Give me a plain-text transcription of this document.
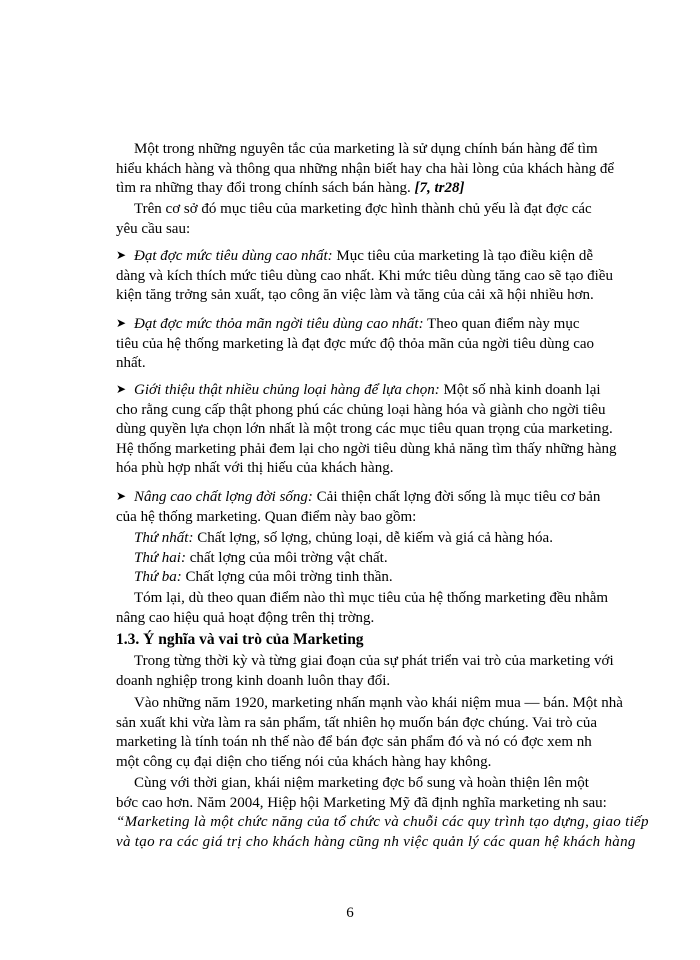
Một trong những nguyên tắc của marketing là sử dụng chính bán hàng để tìm
hiểu khách hàng và thông qua những nhận biết hay cha hài lòng của khách hàng để
tìm ra những thay đổi trong chính sách bán hàng. [7, tr28]
Trên cơ sở đó mục tiêu của marketing đợc hình thành chủ yếu là đạt đợc các
yêu cầu sau:
➤ Đạt đợc mức tiêu dùng cao nhất: Mục tiêu của marketing là tạo điều kiện dễ
dàng và kích thích mức tiêu dùng cao nhất. Khi mức tiêu dùng tăng cao sẽ tạo điều
kiện tăng trởng sản xuất, tạo công ăn việc làm và tăng của cải xã hội nhiều hơn.
➤ Đạt đợc mức thỏa mãn ngời tiêu dùng cao nhất: Theo quan điểm này mục
tiêu của hệ thống marketing là đạt đợc mức độ thỏa mãn của ngời tiêu dùng cao
nhất.
➤ Giới thiệu thật nhiều chủng loại hàng để lựa chọn: Một số nhà kinh doanh lại
cho rằng cung cấp thật phong phú các chủng loại hàng hóa và giành cho ngời tiêu
dùng quyền lựa chọn lớn nhất là một trong các mục tiêu quan trọng của marketing.
Hệ thống marketing phải đem lại cho ngời tiêu dùng khả năng tìm thấy những hàng
hóa phù hợp nhất với thị hiếu của khách hàng.
➤ Nâng cao chất lợng đời sống: Cải thiện chất lợng đời sống là mục tiêu cơ bản
của hệ thống marketing. Quan điểm này bao gồm:
Thứ nhất: Chất lợng, số lợng, chủng loại, dễ kiếm và giá cả hàng hóa.
Thứ hai: chất lợng của môi trờng vật chất.
Thứ ba: Chất lợng của môi trờng tinh thần.
Tóm lại, dù theo quan điểm nào thì mục tiêu của hệ thống marketing đều nhằm
nâng cao hiệu quả hoạt động trên thị trờng.
1.3. Ý nghĩa và vai trò của Marketing
Trong từng thời kỳ và từng giai đoạn của sự phát triển vai trò của marketing với
doanh nghiệp trong kinh doanh luôn thay đổi.
Vào những năm 1920, marketing nhấn mạnh vào khái niệm mua — bán. Một nhà
sản xuất khi vừa làm ra sản phẩm, tất nhiên họ muốn bán đợc chúng. Vai trò của
marketing là tính toán nh thế nào để bán đợc sản phẩm đó và nó có đợc xem nh
một công cụ đại diện cho tiếng nói của khách hàng hay không.
Cùng với thời gian, khái niệm marketing đợc bổ sung và hoàn thiện lên một
bớc cao hơn. Năm 2004, Hiệp hội Marketing Mỹ đã định nghĩa marketing nh sau:
“Marketing là một chức năng của tổ chức và chuỗi các quy trình tạo dựng, giao tiếp
và tạo ra các giá trị cho khách hàng cũng nh việc quản lý các quan hệ khách hàng
6
